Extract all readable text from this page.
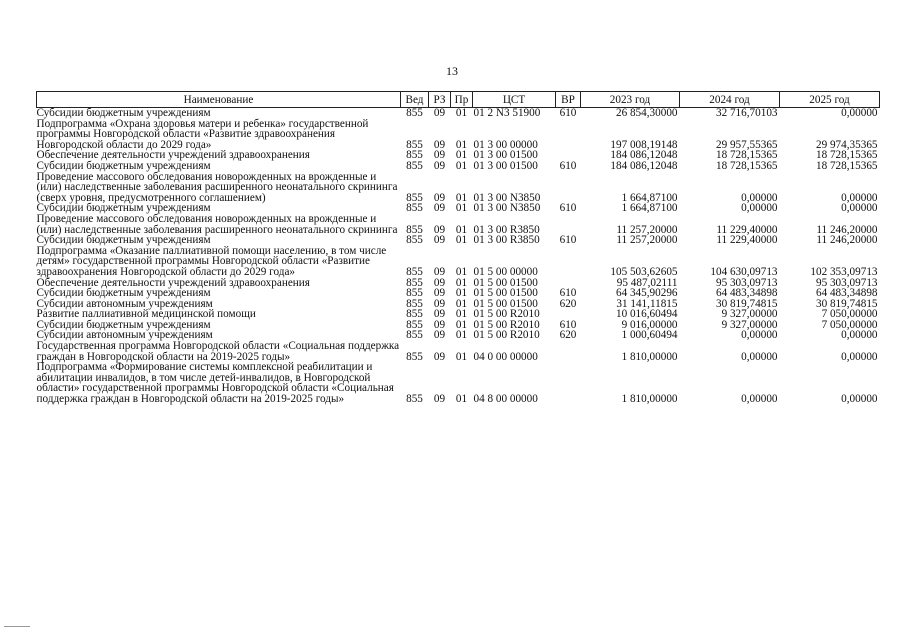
13
Наименование	Вед	РЗ	Пр	ЦСТ	ВР	2023 год	2024 год	2025 год
Субсидии бюджетным учреждениям	855	09	01	01 2 N3 51900	610	26 854,30000	32 716,70103	0,00000
Подпрограмма «Охрана здоровья матери и ребенка» государственной программы Новгородской области «Развитие здравоохранения Новгородской области до 2029 года»	855	09	01	01 3 00 00000		197 008,19148	29 957,55365	29 974,35365
Обеспечение деятельности учреждений здравоохранения	855	09	01	01 3 00 01500		184 086,12048	18 728,15365	18 728,15365
Субсидии бюджетным учреждениям	855	09	01	01 3 00 01500	610	184 086,12048	18 728,15365	18 728,15365
Проведение массового обследования новорожденных на врожденные и (или) наследственные заболевания расширенного неонатального скрининга (сверх уровня, предусмотренного соглашением)	855	09	01	01 3 00 N3850		1 664,87100	0,00000	0,00000
Субсидии бюджетным учреждениям	855	09	01	01 3 00 N3850	610	1 664,87100	0,00000	0,00000
Проведение массового обследования новорожденных на врожденные и (или) наследственные заболевания расширенного неонатального скрининга	855	09	01	01 3 00 R3850		11 257,20000	11 229,40000	11 246,20000
Субсидии бюджетным учреждениям	855	09	01	01 3 00 R3850	610	11 257,20000	11 229,40000	11 246,20000
Подпрограмма «Оказание паллиативной помощи населению, в том числе детям» государственной программы Новгородской области «Развитие здравоохранения Новгородской области до 2029 года»	855	09	01	01 5 00 00000		105 503,62605	104 630,09713	102 353,09713
Обеспечение деятельности учреждений здравоохранения	855	09	01	01 5 00 01500		95 487,02111	95 303,09713	95 303,09713
Субсидии бюджетным учреждениям	855	09	01	01 5 00 01500	610	64 345,90296	64 483,34898	64 483,34898
Субсидии автономным учреждениям	855	09	01	01 5 00 01500	620	31 141,11815	30 819,74815	30 819,74815
Развитие паллиативной медицинской помощи	855	09	01	01 5 00 R2010		10 016,60494	9 327,00000	7 050,00000
Субсидии бюджетным учреждениям	855	09	01	01 5 00 R2010	610	9 016,00000	9 327,00000	7 050,00000
Субсидии автономным учреждениям	855	09	01	01 5 00 R2010	620	1 000,60494	0,00000	0,00000
Государственная программа Новгородской области «Социальная поддержка граждан в Новгородской области на 2019-2025 годы»	855	09	01	04 0 00 00000		1 810,00000	0,00000	0,00000
Подпрограмма «Формирование системы комплексной реабилитации и абилитации инвалидов, в том числе детей-инвалидов, в Новгородской области» государственной программы Новгородской области «Социальная поддержка граждан в Новгородской области на 2019-2025 годы»	855	09	01	04 8 00 00000		1 810,00000	0,00000	0,00000
